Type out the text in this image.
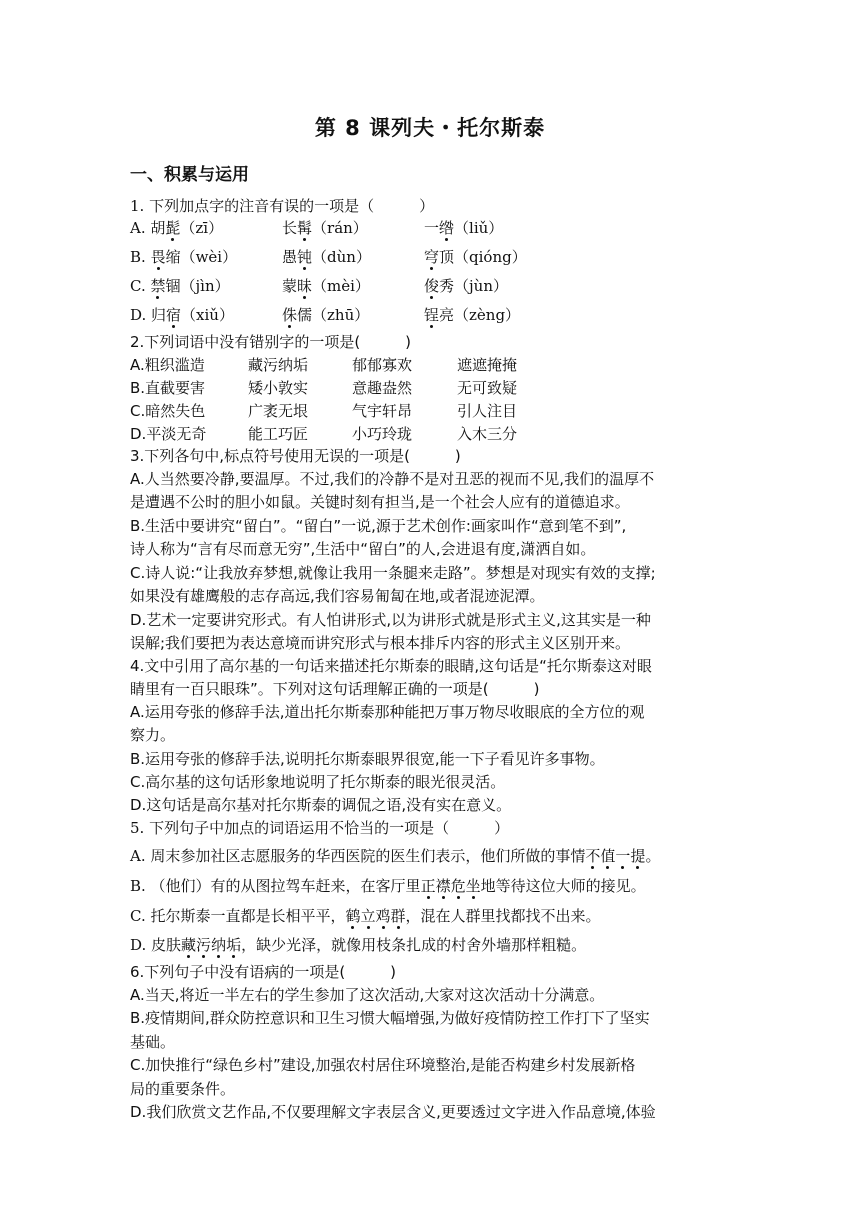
第 8 课列夫・托尔斯泰
一、积累与运用
1. 下列加点字的注音有误的一项是（　　　）
A. 胡髭（zī）	长髯（rán）	一绺（liǔ）
B. 畏缩（wèi）	愚钝（dùn）	穹顶（qióng）
C. 禁锢（jìn）	蒙昧（mèi）	俊秀（jùn）
D. 归宿（xiǔ）	侏儒（zhū）	锃亮（zèng）
2.下列词语中没有错别字的一项是(　　　)
A.粗织滥造	藏污纳垢	郁郁寡欢	遮遮掩掩
B.直截要害	矮小敦实	意趣盎然	无可致疑
C.暗然失色	广袤无垠	气宇轩昂	引人注目
D.平淡无奇	能工巧匠	小巧玲珑	入木三分
3.下列各句中,标点符号使用无误的一项是(　　　)
A.人当然要冷静,要温厚。不过,我们的冷静不是对丑恶的视而不见,我们的温厚不
是遭遇不公时的胆小如鼠。关键时刻有担当,是一个社会人应有的道德追求。
B.生活中要讲究“留白”。“留白”一说,源于艺术创作:画家叫作“意到笔不到”,
诗人称为“言有尽而意无穷”,生活中“留白”的人,会进退有度,潇洒自如。
C.诗人说:“让我放弃梦想,就像让我用一条腿来走路”。梦想是对现实有效的支撑;
如果没有雄鹰般的志存高远,我们容易匍匐在地,或者混迹泥潭。
D.艺术一定要讲究形式。有人怕讲形式,以为讲形式就是形式主义,这其实是一种
误解;我们要把为表达意境而讲究形式与根本排斥内容的形式主义区别开来。
4.文中引用了高尔基的一句话来描述托尔斯泰的眼睛,这句话是“托尔斯泰这对眼
睛里有一百只眼珠”。下列对这句话理解正确的一项是(　　　)
A.运用夸张的修辞手法,道出托尔斯泰那种能把万事万物尽收眼底的全方位的观
察力。
B.运用夸张的修辞手法,说明托尔斯泰眼界很宽,能一下子看见许多事物。
C.高尔基的这句话形象地说明了托尔斯泰的眼光很灵活。
D.这句话是高尔基对托尔斯泰的调侃之语,没有实在意义。
5. 下列句子中加点的词语运用不恰当的一项是（　　　）
A. 周末参加社区志愿服务的华西医院的医生们表示，他们所做的事情不值一提。
B. （他们）有的从图拉驾车赶来，在客厅里正襟危坐地等待这位大师的接见。
C. 托尔斯泰一直都是长相平平，鹤立鸡群，混在人群里找都找不出来。
D. 皮肤藏污纳垢，缺少光泽，就像用枝条扎成的村舍外墙那样粗糙。
6.下列句子中没有语病的一项是(　　　)
A.当天,将近一半左右的学生参加了这次活动,大家对这次活动十分满意。
B.疫情期间,群众防控意识和卫生习惯大幅增强,为做好疫情防控工作打下了坚实
基础。
C.加快推行“绿色乡村”建设,加强农村居住环境整治,是能否构建乡村发展新格
局的重要条件。
D.我们欣赏文艺作品,不仅要理解文字表层含义,更要透过文字进入作品意境,体验
